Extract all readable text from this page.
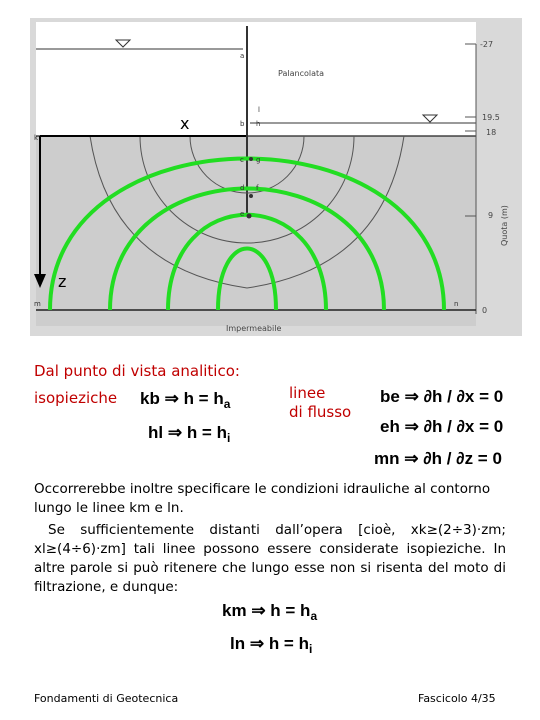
a
b h
l
c g
d f
e
k
m	n
Palancolata
Impermeabile
-27
19.5
18
9
0
Quota (m)
x
z
Dal punto di vista analitico:
isopieziche kb ⇒ $h = h_a$
hl ⇒ $h = h_i$
linee
di flusso
be ⇒ ∂h / ∂x = 0
eh ⇒ ∂h / ∂x = 0
mn ⇒ ∂h / ∂z = 0
Occorrerebbe inoltre specificare le condizioni idrauliche al contorno lungo le linee km e ln.
Se sufficientemente distanti dall’opera [cioè, xk≥(2÷3)·zm; xl≥(4÷6)·zm] tali linee possono essere considerate isopieziche. In altre parole si può ritenere che lungo esse non si risenta del moto di filtrazione, e dunque:
km ⇒ $h = h_a$
ln ⇒ $h = h_i$
Fondamenti di Geotecnica	Fascicolo 4/35
